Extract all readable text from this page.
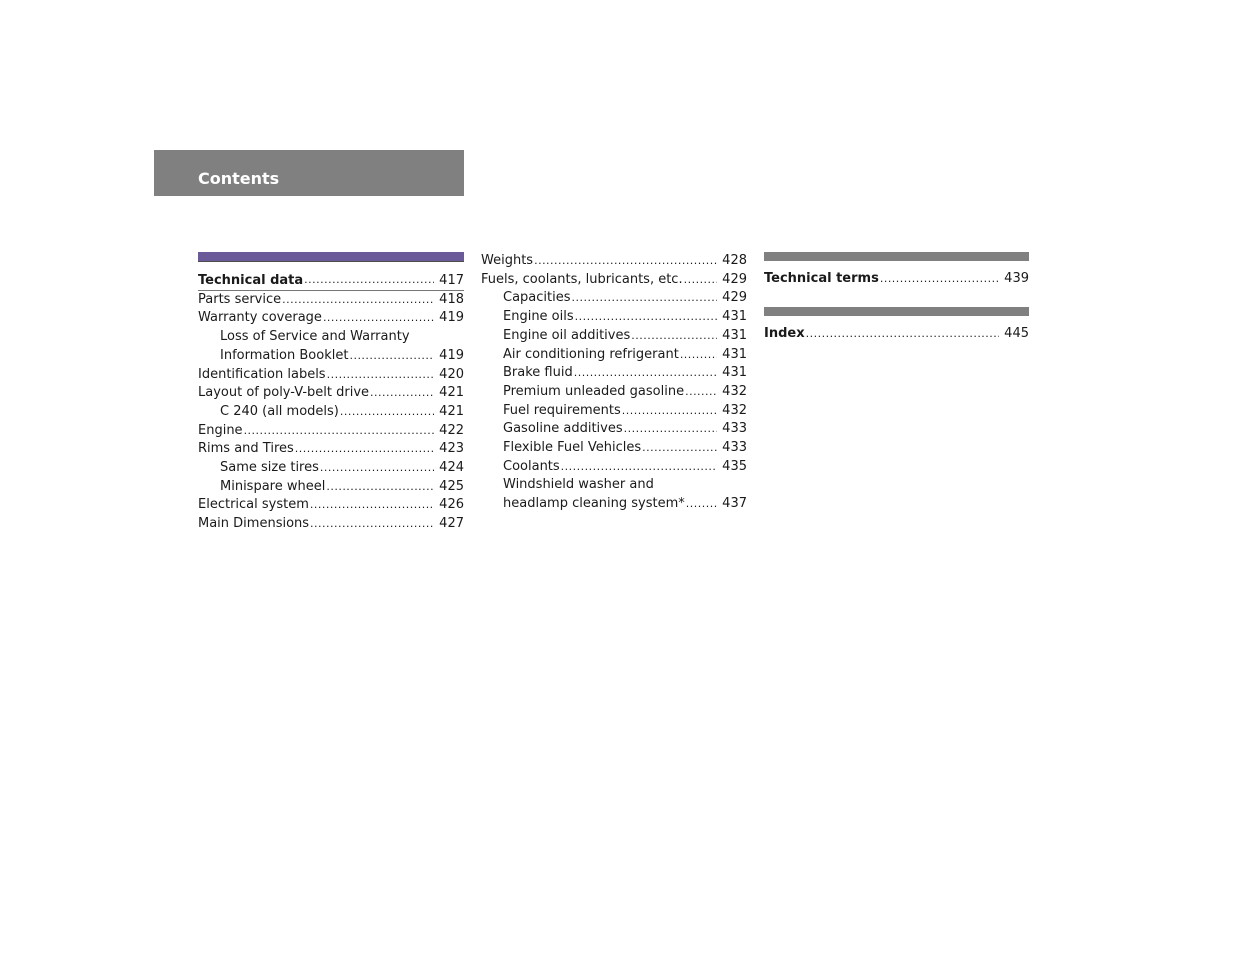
Contents
Technical data . . .	417
Parts service . . .	418
Warranty coverage . . .	419
Loss of Service and Warranty
Information Booklet . . .	419
Identification labels . . .	420
Layout of poly-V-belt drive . . .	421
C 240 (all models) . . .	421
Engine . . .	422
Rims and Tires . . .	423
Same size tires . . .	424
Minispare wheel . . .	425
Electrical system . . .	426
Main Dimensions . . .	427
Weights . . .	428
Fuels, coolants, lubricants, etc. . . .	429
Capacities . . .	429
Engine oils . . .	431
Engine oil additives . . .	431
Air conditioning refrigerant . . .	431
Brake fluid . . .	431
Premium unleaded gasoline . . .	432
Fuel requirements . . .	432
Gasoline additives . . .	433
Flexible Fuel Vehicles . . .	433
Coolants . . .	435
Windshield washer and
headlamp cleaning system* . . .	437
Technical terms . . .	439
Index . . .	445
